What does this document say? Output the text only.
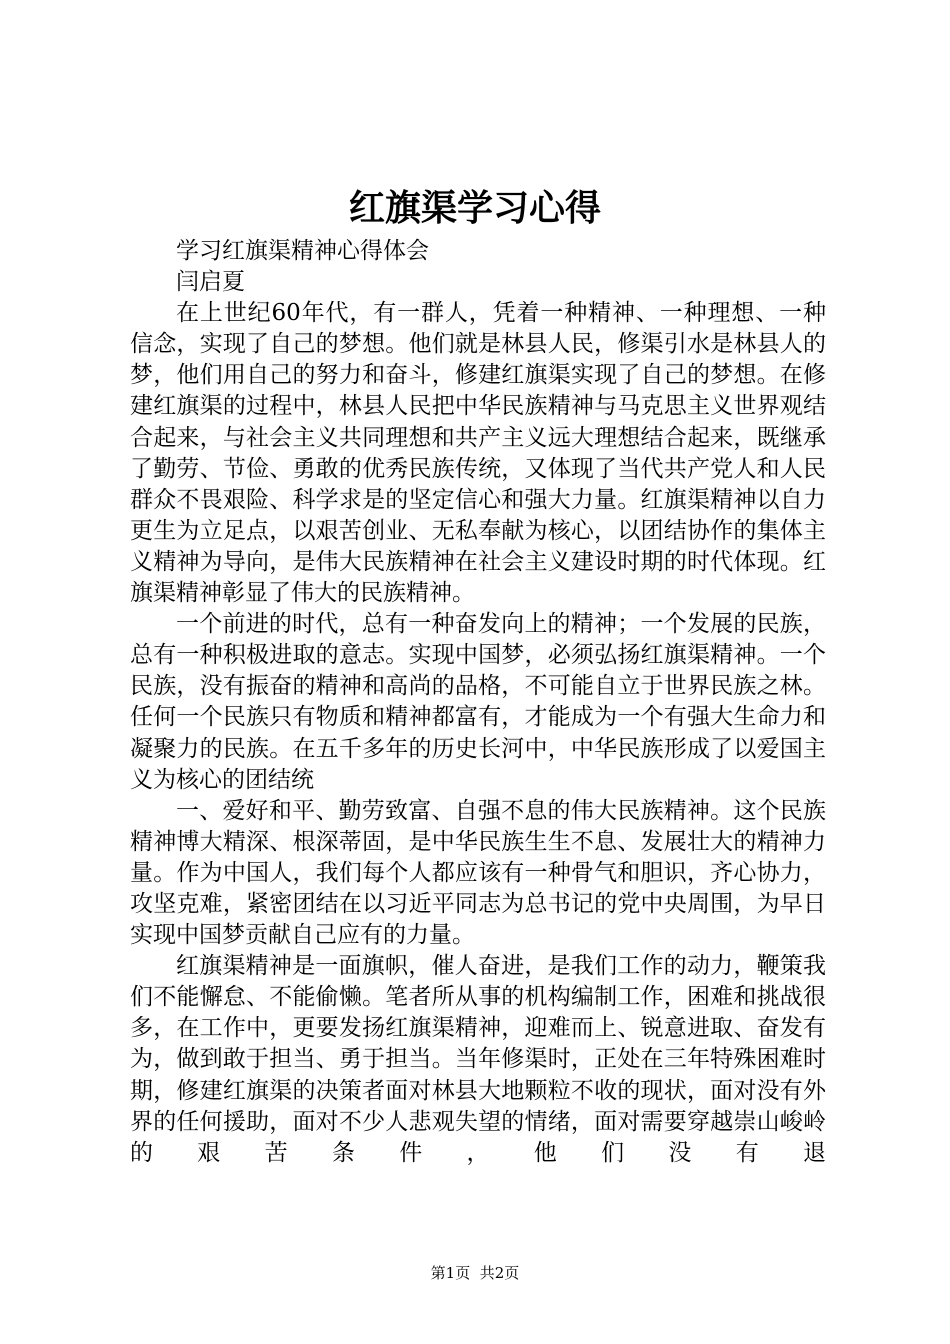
红旗渠学习心得

学习红旗渠精神心得体会

闫启夏

在上世纪60年代，有一群人，凭着一种精神、一种理想、一种信念，实现了自己的梦想。他们就是林县人民，修渠引水是林县人的梦，他们用自己的努力和奋斗，修建红旗渠实现了自己的梦想。在修建红旗渠的过程中，林县人民把中华民族精神与马克思主义世界观结合起来，与社会主义共同理想和共产主义远大理想结合起来，既继承了勤劳、节俭、勇敢的优秀民族传统，又体现了当代共产党人和人民群众不畏艰险、科学求是的坚定信心和强大力量。红旗渠精神以自力更生为立足点，以艰苦创业、无私奉献为核心，以团结协作的集体主义精神为导向，是伟大民族精神在社会主义建设时期的时代体现。红旗渠精神彰显了伟大的民族精神。

一个前进的时代，总有一种奋发向上的精神；一个发展的民族，总有一种积极进取的意志。实现中国梦，必须弘扬红旗渠精神。一个民族，没有振奋的精神和高尚的品格，不可能自立于世界民族之林。任何一个民族只有物质和精神都富有，才能成为一个有强大生命力和凝聚力的民族。在五千多年的历史长河中，中华民族形成了以爱国主义为核心的团结统

一、爱好和平、勤劳致富、自强不息的伟大民族精神。这个民族精神博大精深、根深蒂固，是中华民族生生不息、发展壮大的精神力量。作为中国人，我们每个人都应该有一种骨气和胆识，齐心协力，攻坚克难，紧密团结在以习近平同志为总书记的党中央周围，为早日实现中国梦贡献自己应有的力量。

红旗渠精神是一面旗帜，催人奋进，是我们工作的动力，鞭策我们不能懈怠、不能偷懒。笔者所从事的机构编制工作，困难和挑战很多，在工作中，更要发扬红旗渠精神，迎难而上、锐意进取、奋发有为，做到敢于担当、勇于担当。当年修渠时，正处在三年特殊困难时期，修建红旗渠的决策者面对林县大地颗粒不收的现状，面对没有外界的任何援助，面对不少人悲观失望的情绪，面对需要穿越崇山峻岭的艰苦条件，他们没有退

第1页 共2页
